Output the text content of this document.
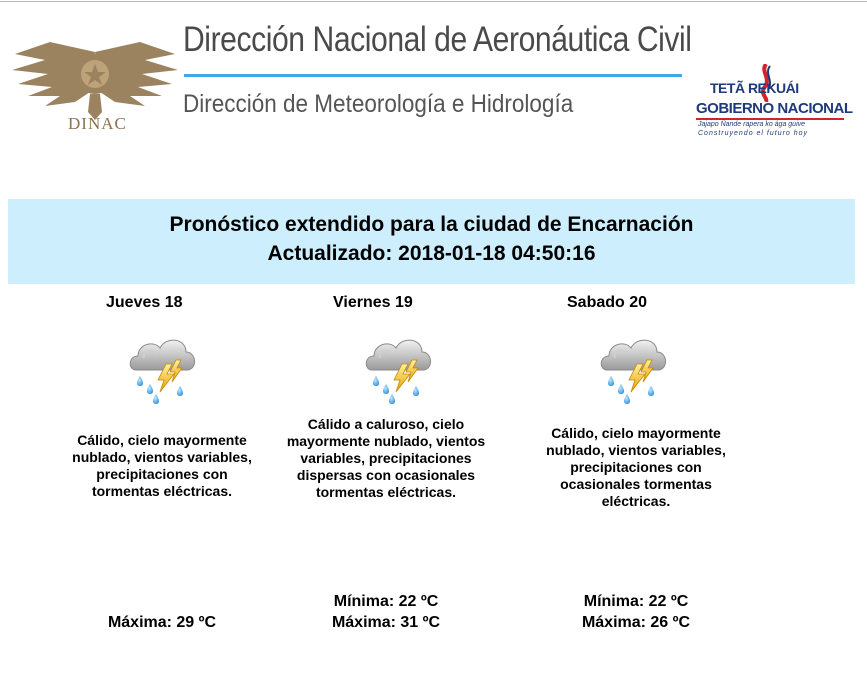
DINAC
Dirección Nacional de Aeronáutica Civil
Dirección de Meteorología e Hidrología
TETÃ REKUÁI
GOBIERNO NACIONAL
Jajapo Ñande rapera ko ága guive
Construyendo el futuro hoy
Pronóstico extendido para la ciudad de Encarnación
Actualizado: 2018-01-18 04:50:16
Jueves 18
Cálido, cielo mayormente nublado, vientos variables, precipitaciones con tormentas eléctricas.
Máxima: 29 ºC
Viernes 19
Cálido a caluroso, cielo mayormente nublado, vientos variables, precipitaciones dispersas con ocasionales tormentas eléctricas.
Mínima: 22 ºC
Máxima: 31 ºC
Sabado 20
Cálido, cielo mayormente nublado, vientos variables, precipitaciones con ocasionales tormentas eléctricas.
Mínima: 22 ºC
Máxima: 26 ºC
